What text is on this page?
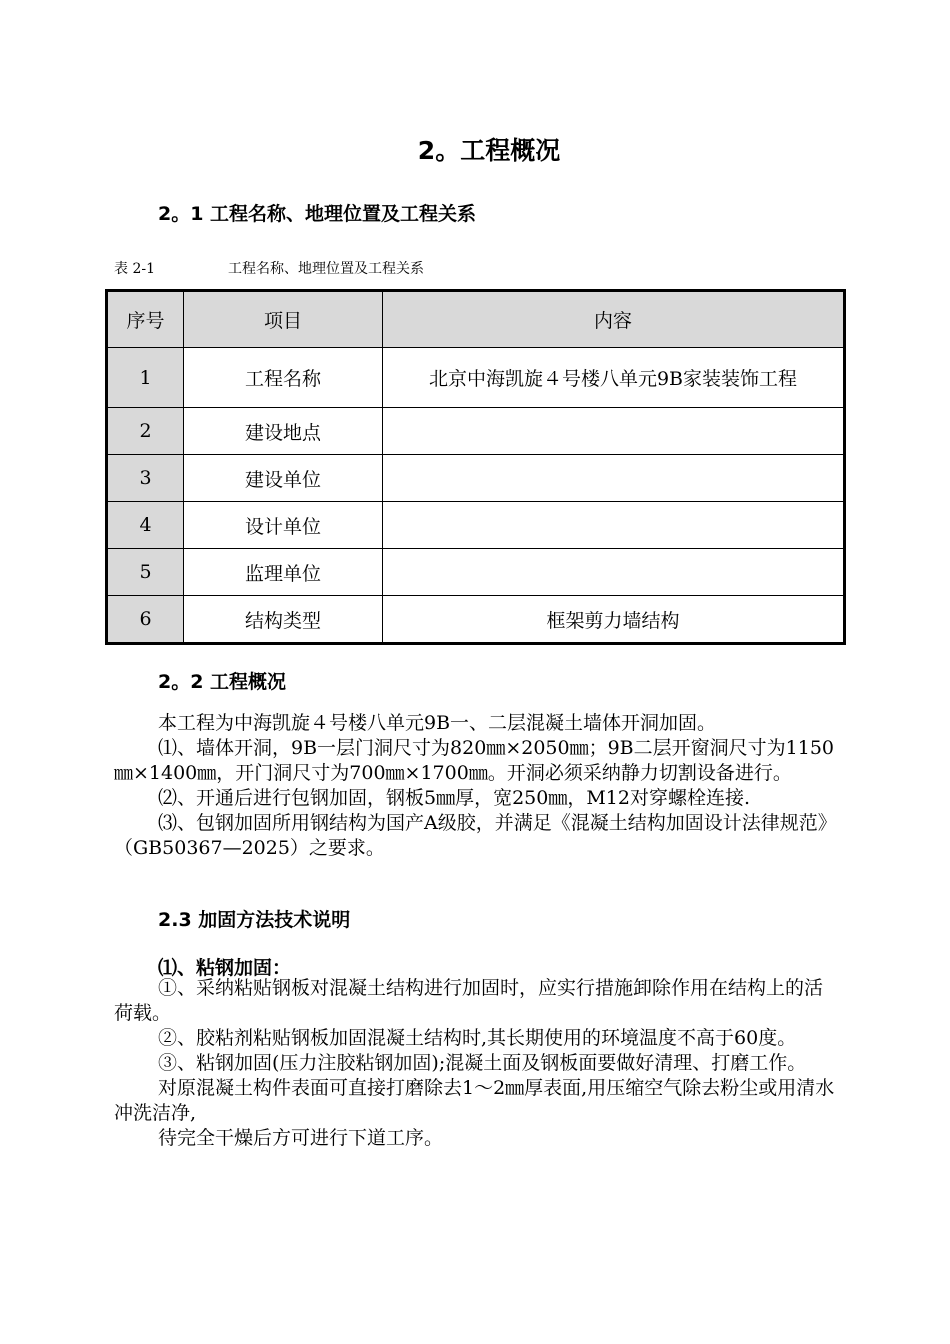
2。工程概况
2。1 工程名称、地理位置及工程关系
表 2-1	工程名称、地理位置及工程关系
序号	项目	内容
1	工程名称	北京中海凯旋４号楼八单元9B家装装饰工程
2	建设地点	
3	建设单位	
4	设计单位	
5	监理单位	
6	结构类型	框架剪力墙结构
2。2 工程概况

本工程为中海凯旋４号楼八单元9B一、二层混凝土墙体开洞加固。

⑴、墙体开洞，9B一层门洞尺寸为820㎜×2050㎜；9B二层开窗洞尺寸为1150㎜×1400㎜，开门洞尺寸为700㎜×1700㎜。开洞必须采纳静力切割设备进行。

⑵、开通后进行包钢加固，钢板5㎜厚，宽250㎜，M12对穿螺栓连接.

⑶、包钢加固所用钢结构为国产A级胶，并满足《混凝土结构加固设计法律规范》（GB50367—2025）之要求。

2.3 加固方法技术说明
⑴、粘钢加固：

①、采纳粘贴钢板对混凝土结构进行加固时，应实行措施卸除作用在结构上的活荷载。

②、胶粘剂粘贴钢板加固混凝土结构时,其长期使用的环境温度不高于60度。

③、粘钢加固(压力注胶粘钢加固);混凝土面及钢板面要做好清理、打磨工作。

对原混凝土构件表面可直接打磨除去1～2㎜厚表面,用压缩空气除去粉尘或用清水冲洗洁净,

待完全干燥后方可进行下道工序。
